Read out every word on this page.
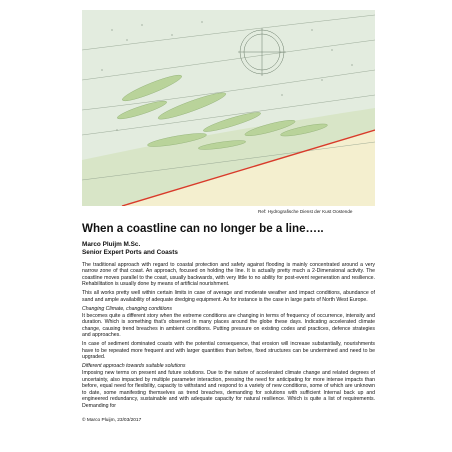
Ref: Hydrografische Dienst der Kust Oostende
When a coastline can no longer be a line…..
Marco Pluijm M.Sc.
Senior Expert Ports and Coasts

The traditional approach with regard to coastal protection and safety against flooding is mainly concentrated around a very narrow zone of that coast. An approach, focused on holding the line. It is actually pretty much a 2-Dimensional activity. The coastline moves parallel to the coast, usually backwards, with very little to no ability for post-event regeneration and resilience. Rehabilitation is usually done by means of artificial nourishment.

This all works pretty well within certain limits in case of average and moderate weather and impact conditions, abundance of sand and ample availability of adequate dredging equipment. As for instance is the case in large parts of North West Europe.

Changing Climate, changing conditions

It becomes quite a different story when the extreme conditions are changing in terms of frequency of occurrence, intensity and duration. Which is something that's observed in many places around the globe these days. Indicating accelerated climate change, causing trend breaches in ambient conditions. Putting pressure on existing codes and practices, defence strategies and approaches.

In case of sediment dominated coasts with the potential consequence, that erosion will increase substantially, nourishments have to be repeated more frequent and with larger quantities than before, fixed structures can be undermined and need to be upgraded.

Different approach towards suitable solutions

Imposing new terms on present and future solutions. Due to the nature of accelerated climate change and related degrees of uncertainty, also impacted by multiple parameter interaction, pressing the need for anticipating for more intense impacts than before, equal need for flexibility, capacity to withstand and respond to a variety of new conditions, some of which are unknown to date, some manifesting themselves as trend breaches, demanding for solutions with sufficient Internal back up and engineered redundancy, sustainable and with adequate capacity for natural resilience. Which is quite a list of requirements. Demanding for

© Marco Pluijm, 23/03/2017
